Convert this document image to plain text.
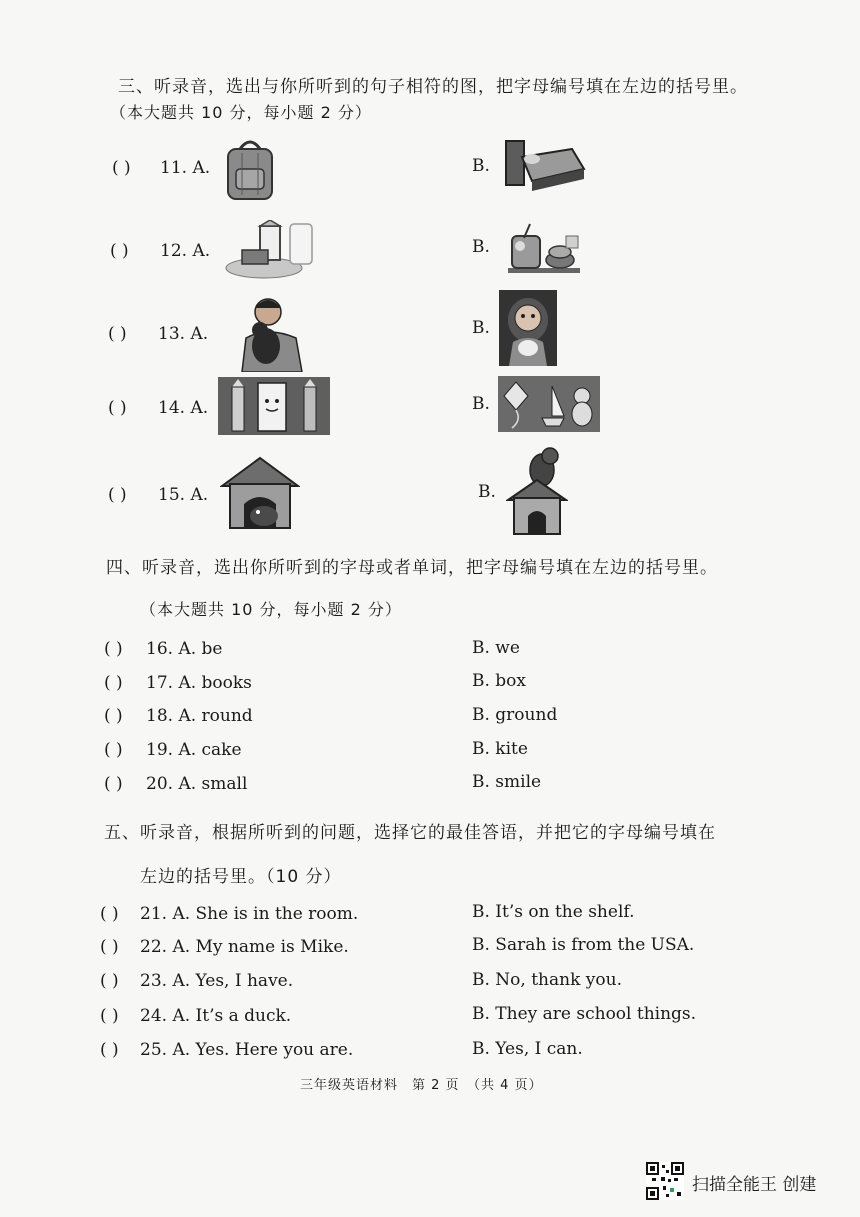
三、听录音，选出与你所听到的句子相符的图，把字母编号填在左边的括号里。
（本大题共 10 分，每小题 2 分）
( ) 11. A.	B.
( ) 12. A.	B.
( ) 13. A.	B.
( ) 14. A.	B.
( ) 15. A.	B.
四、听录音，选出你所听到的字母或者单词，把字母编号填在左边的括号里。
（本大题共 10 分，每小题 2 分）
( ) 16. A. be	B. we
( ) 17. A. books	B. box
( ) 18. A. round	B. ground
( ) 19. A. cake	B. kite
( ) 20. A. small	B. smile
五、听录音，根据所听到的问题，选择它的最佳答语，并把它的字母编号填在
左边的括号里。（10 分）
( ) 21. A. She is in the room.	B. It’s on the shelf.
( ) 22. A. My name is Mike.	B. Sarah is from the USA.
( ) 23. A. Yes, I have.	B. No, thank you.
( ) 24. A. It’s a duck.	B. They are school things.
( ) 25. A. Yes. Here you are.	B. Yes, I can.
三年级英语材料　第 2 页　（共 4 页）
扫描全能王 创建
